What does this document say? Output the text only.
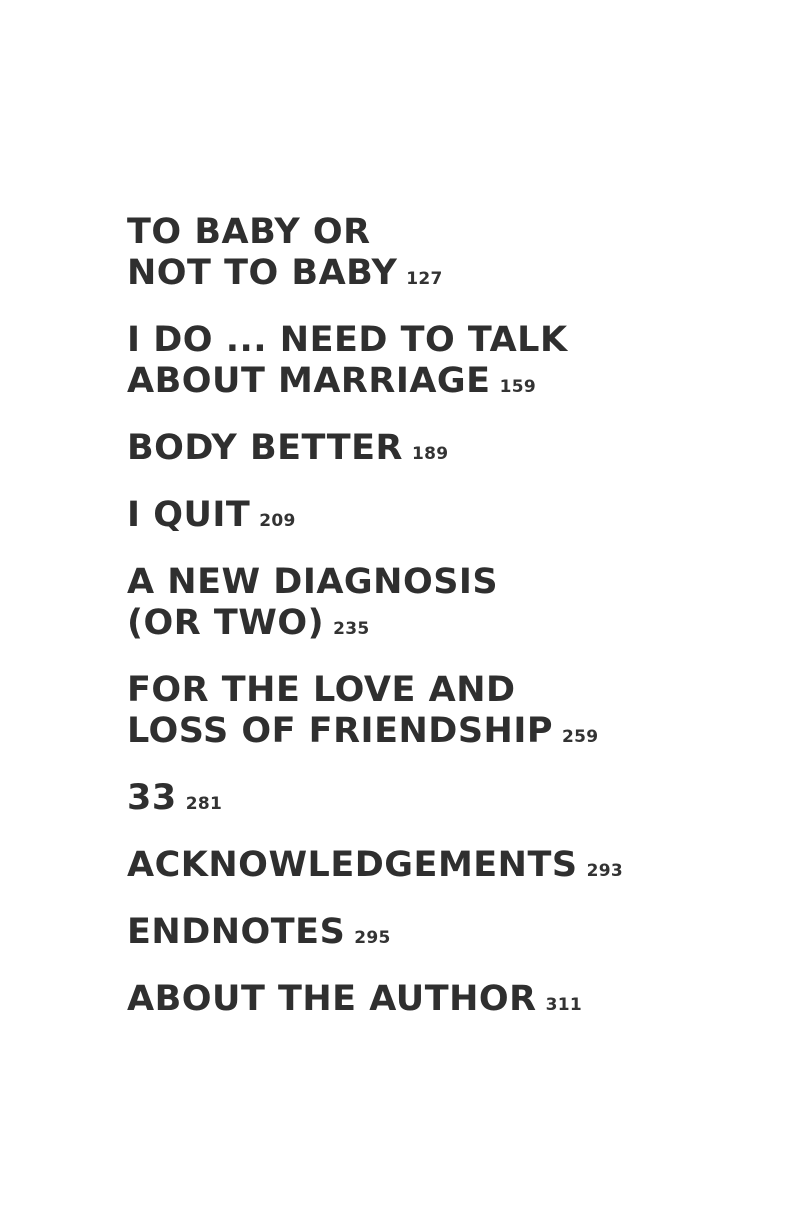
TO BABY OR
NOT TO BABY 127
I DO ... NEED TO TALK
ABOUT MARRIAGE 159
BODY BETTER 189
I QUIT 209
A NEW DIAGNOSIS
(OR TWO) 235
FOR THE LOVE AND
LOSS OF FRIENDSHIP 259
33 281
ACKNOWLEDGEMENTS 293
ENDNOTES 295
ABOUT THE AUTHOR 311
